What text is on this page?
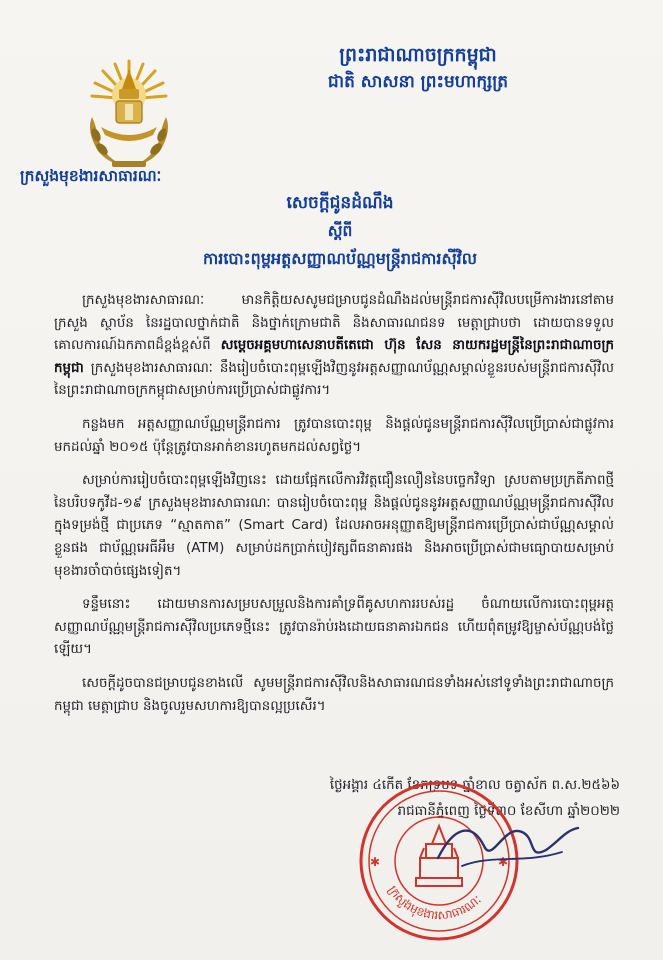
ព្រះរាជាណាចក្រកម្ពុជា
ជាតិ សាសនា ព្រះមហាក្សត្រ
ក្រសួងមុខងារសាធារណៈ
សេចក្តីជូនដំណឹង
ស្តីពី
ការបោះពុម្ពអត្តសញ្ញាណប័ណ្ណមន្ត្រីរាជការស៊ីវិល

ក្រសួងមុខងារសាធារណៈ មានកិត្តិយសសូមជម្រាបជូនដំណឹងដល់មន្ត្រីរាជការស៊ីវិលបម្រើការងារនៅតាមក្រសួង ស្ថាប័ន នៃរដ្ឋបាលថ្នាក់ជាតិ និងថ្នាក់ក្រោមជាតិ និងសាធារណជនទ មេត្តាជ្រាបថា ដោយបានទទួលគោលការណ៍ឯកភាពដ៏ខ្ពង់ខ្ពស់ពី សម្តេចអគ្គមហាសេនាបតីតេជោ ហ៊ុន សែន នាយករដ្ឋមន្ត្រីនៃព្រះរាជាណាចក្រកម្ពុជា ក្រសួងមុខងារសាធារណៈ នឹងរៀបចំបោះពុម្ពឡើងវិញនូវអត្តសញ្ញាណប័ណ្ណសម្គាល់ខ្លួនរបស់មន្ត្រីរាជការស៊ីវិលនៃព្រះរាជាណាចក្រកម្ពុជាសម្រាប់ការប្រើប្រាស់ជាផ្លូវការ។

កន្លងមក អត្តសញ្ញាណប័ណ្ណមន្ត្រីរាជការ ត្រូវបានបោះពុម្ព និងផ្តល់ជូនមន្ត្រីរាជការស៊ីវិលប្រើប្រាស់ជាផ្លូវការមកដល់ឆ្នាំ ២០១៥ ប៉ុន្តែត្រូវបានអាក់ខានរហូតមកដល់សព្វថ្ងៃ។

សម្រាប់ការរៀបចំបោះពុម្ពឡើងវិញនេះ ដោយផ្អែកលើការវិវត្តជឿនលឿននៃបច្ចេកវិទ្យា ស្របតាមប្រក្រតីភាពថ្មីនៃបរិបទកូវីដ-១៩ ក្រសួងមុខងារសាធារណៈ បានរៀបចំបោះពុម្ព និងផ្តល់ជូននូវអត្តសញ្ញាណប័ណ្ណមន្ត្រីរាជការស៊ីវិលក្នុងទម្រង់ថ្មី ជាប្រភេទ “ស្មាតកាត” (Smart Card) ដែលអាចអនុញ្ញាតឱ្យមន្ត្រីរាជការប្រើប្រាស់ជាប័ណ្ណសម្គាល់ខ្លួនផង ជាប័ណ្ណអេធីអឹម (ATM) សម្រាប់ដកប្រាក់បៀវត្សពីធនាគារផង និងអាចប្រើប្រាស់ជាមធ្យោបាយសម្រាប់មុខងារចាំបាច់ផ្សេងទៀត។

ទន្ទឹមនោះ ដោយមានការសម្របសម្រួលនិងការគាំទ្រពីគូសហការរបស់រដ្ឋ ចំណាយលើការបោះពុម្ពអត្តសញ្ញាណប័ណ្ណមន្ត្រីរាជការស៊ីវិលប្រភេទថ្មីនេះ ត្រូវបានរ៉ាប់រងដោយធនាគារឯកជន ហើយពុំតម្រូវឱ្យម្ចាស់ប័ណ្ណបង់ថ្លៃឡើយ។

សេចក្តីដូចបានជម្រាបជូនខាងលើ សូមមន្ត្រីរាជការស៊ីវិលនិងសាធារណជនទាំងអស់នៅទូទាំងព្រះរាជាណាចក្រកម្ពុជា មេត្តាជ្រាប និងចូលរួមសហការឱ្យបានល្អប្រសើរ។

ថ្ងៃអង្គារ ៤កើត ខែភទ្របទ ឆ្នាំខាល ចត្វាស័ក ព.ស.២៥៦៦
រាជធានីភ្នំពេញ ថ្ងៃទី៣០ ខែសីហា ឆ្នាំ២០២២
ក្រសួងមុខងារសាធារណៈ
✱	✱
